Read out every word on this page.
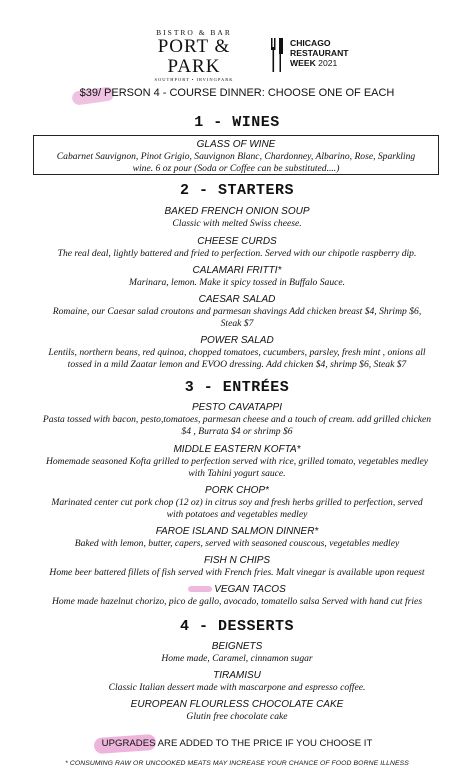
BISTRO & BAR
PORT & PARK
SOUTHPORT • IRVINGPARK
CHICAGO
RESTAURANT
WEEK 2021
$39/ PERSON 4 - COURSE DINNER: CHOOSE ONE OF EACH
1 - WINES
GLASS OF WINE
Cabarnet Sauvignon, Pinot Grigio, Sauvignon Blanc, Chardonney, Albarino, Rose, Sparkling
wine. 6 oz pour (Soda or Coffee can be substituted....)
2 - STARTERS
BAKED FRENCH ONION SOUP
Classic with melted Swiss cheese.
CHEESE CURDS
The real deal, lightly battered and fried to perfection. Served with our chipotle raspberry dip.
CALAMARI FRITTI*
Marinara, lemon. Make it spicy tossed in Buffalo Sauce.
CAESAR SALAD
Romaine, our Caesar salad croutons and parmesan shavings Add chicken breast $4, Shrimp $6,
Steak $7
POWER SALAD
Lentils, northern beans, red quinoa, chopped tomatoes, cucumbers, parsley, fresh mint , onions all
tossed in a mild Zaatar lemon and EVOO dressing. Add chicken $4, shrimp $6, Steak $7
3 - ENTRÉES
PESTO CAVATAPPI
Pasta tossed with bacon, pesto,tomatoes, parmesan cheese and a touch of cream. add grilled chicken
$4 , Burrata $4 or shrimp $6
MIDDLE EASTERN KOFTA*
Homemade seasoned Kofta grilled to perfection served with rice, grilled tomato, vegetables medley
with Tahini yogurt sauce.
PORK CHOP*
Marinated center cut pork chop (12 oz) in citrus soy and fresh herbs grilled to perfection, served
with potatoes and vegetables medley
FAROE ISLAND SALMON DINNER*
Baked with lemon, butter, capers, served with seasoned couscous, vegetables medley
FISH N CHIPS
Home beer battered fillets of fish served with French fries. Malt vinegar is available upon request
VEGAN TACOS
Home made hazelnut chorizo, pico de gallo, avocado, tomatello salsa Served with hand cut fries
4 - DESSERTS
BEIGNETS
Home made, Caramel, cinnamon sugar
TIRAMISU
Classic Italian dessert made with mascarpone and espresso coffee.
EUROPEAN FLOURLESS CHOCOLATE CAKE
Glutin free chocolate cake
UPGRADES ARE ADDED TO THE PRICE IF YOU CHOOSE IT
* CONSUMING RAW OR UNCOOKED MEATS MAY INCREASE YOUR CHANCE OF FOOD BORNE ILLNESS
